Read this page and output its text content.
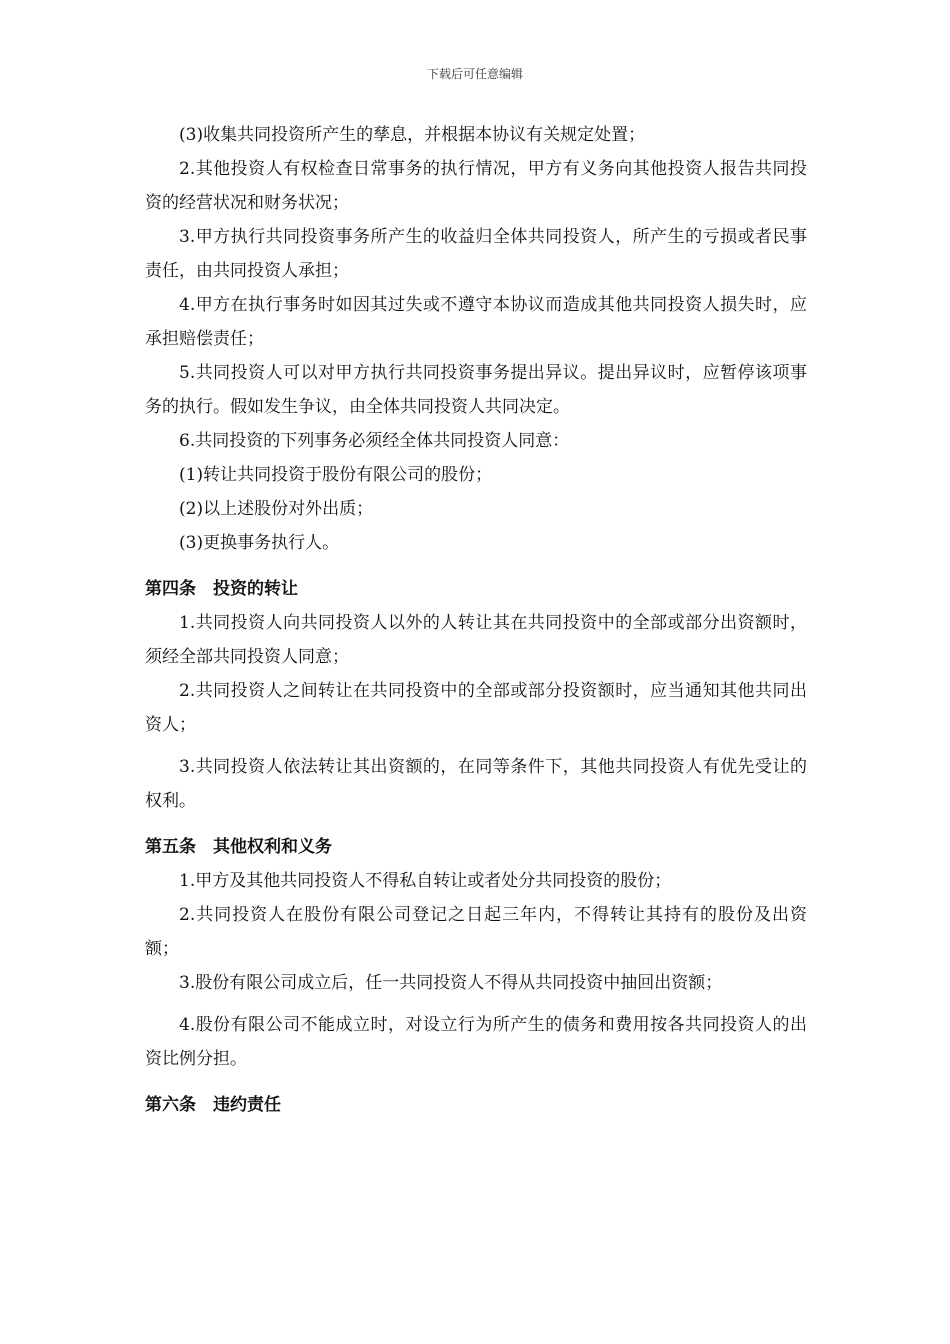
下载后可任意编辑

(3)收集共同投资所产生的孳息，并根据本协议有关规定处置；

2.其他投资人有权检查日常事务的执行情况，甲方有义务向其他投资人报告共同投资的经营状况和财务状况；

3.甲方执行共同投资事务所产生的收益归全体共同投资人，所产生的亏损或者民事责任，由共同投资人承担；

4.甲方在执行事务时如因其过失或不遵守本协议而造成其他共同投资人损失时，应承担赔偿责任；

5.共同投资人可以对甲方执行共同投资事务提出异议。提出异议时，应暂停该项事务的执行。假如发生争议，由全体共同投资人共同决定。

6.共同投资的下列事务必须经全体共同投资人同意：

(1)转让共同投资于股份有限公司的股份；

(2)以上述股份对外出质；

(3)更换事务执行人。

第四条　投资的转让

1.共同投资人向共同投资人以外的人转让其在共同投资中的全部或部分出资额时，须经全部共同投资人同意；

2.共同投资人之间转让在共同投资中的全部或部分投资额时，应当通知其他共同出资人；

3.共同投资人依法转让其出资额的，在同等条件下，其他共同投资人有优先受让的权利。

第五条　其他权利和义务

1.甲方及其他共同投资人不得私自转让或者处分共同投资的股份；

2.共同投资人在股份有限公司登记之日起三年内，不得转让其持有的股份及出资额；

3.股份有限公司成立后，任一共同投资人不得从共同投资中抽回出资额；

4.股份有限公司不能成立时，对设立行为所产生的债务和费用按各共同投资人的出资比例分担。

第六条　违约责任
